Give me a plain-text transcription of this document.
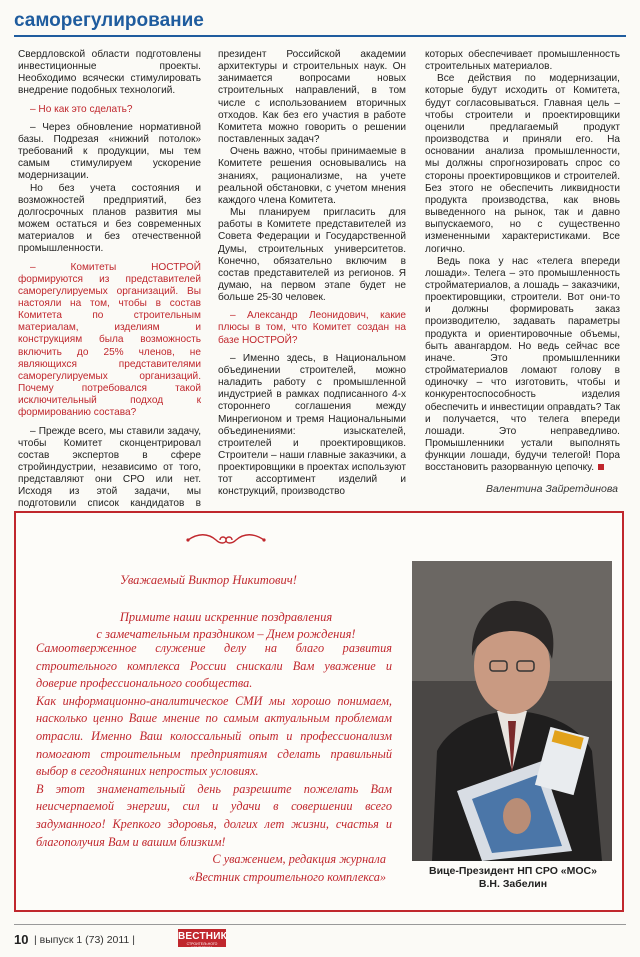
саморегулирование

Свердловской области подготовлены инвестиционные проекты. Необходимо всячески стимулировать внедрение подобных технологий.

– Но как это сделать?

– Через обновление нормативной базы. Подрезая «нижний потолок» требований к продукции, мы тем самым стимулируем ускорение модернизации.

Но без учета состояния и возможностей предприятий, без долгосрочных планов развития мы можем остаться и без современных материалов и без отечественной промышленности.

– Комитеты НОСТРОЙ формируются из представителей саморегулируемых организаций. Вы настояли на том, чтобы в состав Комитета по строительным материалам, изделиям и конструкциям была возможность включить до 25% членов, не являющихся представителями саморегулируемых организаций. Почему потребовался такой исключительный подход к формированию состава?

– Прежде всего, мы ставили задачу, чтобы Комитет сконцентрировал состав экспертов в сфере стройиндустрии, независимо от того, представляют они СРО или нет. Исходя из этой задачи, мы подготовили список кандидатов в

президент Российской академии архитектуры и строительных наук. Он занимается вопросами новых строительных направлений, в том числе с использованием вторичных отходов. Как без его участия в работе Комитета можно говорить о решении поставленных задач?

Очень важно, чтобы принимаемые в Комитете решения основывались на знаниях, рационализме, на учете реальной обстановки, с учетом мнения каждого члена Комитета.

Мы планируем пригласить для работы в Комитете представителей из Совета Федерации и Государственной Думы, строительных университетов. Конечно, обязательно включим в состав представителей из регионов. Я думаю, на первом этапе будет не больше 25-30 человек.

– Александр Леонидович, какие плюсы в том, что Комитет создан на базе НОСТРОЙ?

– Именно здесь, в Национальном объединении строителей, можно наладить работу с промышленной индустрией в рамках подписанного 4-х стороннего соглашения между Минрегионом и тремя Национальными объединениями: изыскателей, строителей и проектировщиков. Строители – наши главные заказчики, а проектировщики в проектах используют тот ассортимент изделий и конструкций, производство

которых обеспечивает промышленность строительных материалов.

Все действия по модернизации, которые будут исходить от Комитета, будут согласовываться. Главная цель – чтобы строители и проектировщики оценили предлагаемый продукт производства и приняли его. На основании анализа промышленности, мы должны спрогнозировать спрос со стороны проектировщиков и строителей. Без этого не обеспечить ликвидности продукта производства, как вновь выведенного на рынок, так и давно выпускаемого, но с существенно измененными характеристиками. Все логично.

Ведь пока у нас «телега впереди лошади». Телега – это промышленность стройматериалов, а лошадь – заказчики, проектировщики, строители. Вот они-то и должны формировать заказ производителю, задавать параметры продукта и ориентировочные объемы, быть авангардом. Но ведь сейчас все иначе. Это промышленники стройматериалов ломают голову в одиночку – что изготовить, чтобы и конкурентоспособность изделия обеспечить и инвестиции оправдать? Так и получается, что телега впереди лошади. Это неправедливо. Промышленники устали выполнять функции лошади, будучи телегой! Пора восстановить разорванную цепочку.

Валентина Зайретдинова
Уважаемый Виктор Никитович!
Примите наши искренние поздравления
с замечательным праздником – Днем рождения!

Самоотверженное служение делу на благо развития строительного комплекса России снискали Вам уважение и доверие профессионального сообщества.

Как информационно-аналитическое СМИ мы хорошо понимаем, насколько ценно Ваше мнение по самым актуальным проблемам отрасли. Именно Ваш колоссальный опыт и профессионализм помогают строительным предприятиям сделать правильный выбор в сегодняшних непростых условиях.

В этот знаменательный день разрешите пожелать Вам неисчерпаемой энергии, сил и удачи в совершении всего задуманного! Крепкого здоровья, долгих лет жизни, счастья и благополучия Вам и вашим близким!

С уважением, редакция журнала
«Вестник строительного комплекса»	Вице-Президент НП СРО «МОС»
В.Н. Забелин
10 | выпуск 1 (73) 2011 |	ВЕСТНИК
СТРОИТЕЛЬНОГО КОМПЛЕКСА
